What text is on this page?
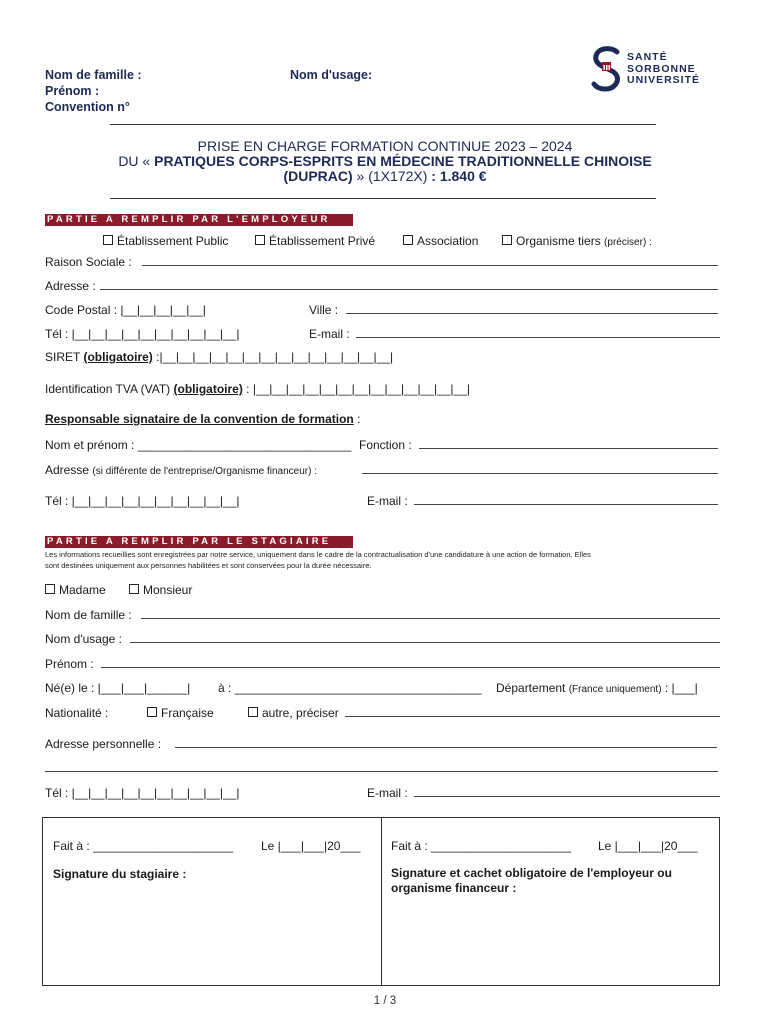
Nom de famille :	Nom d'usage:
Prénom :
Convention n°
SANTÉ
SORBONNE
UNIVERSITÉ
PRISE EN CHARGE FORMATION CONTINUE 2023 – 2024
DU « PRATIQUES CORPS-ESPRITS EN MÉDECINE TRADITIONNELLE CHINOISE
(DUPRAC) » (1X172X) : 1.840 €
PARTIE A REMPLIR PAR L'EMPLOYEUR
Établissement Public	Établissement Privé	Association	Organisme tiers (préciser) :
Raison Sociale :
Adresse :
Code Postal : |__|__|__|__|__|	Ville :
Tél : |__|__|__|__|__|__|__|__|__|__|	E-mail :
SIRET (obligatoire) :|__|__|__|__|__|__|__|__|__|__|__|__|__|__|
Identification TVA (VAT) (obligatoire) : |__|__|__|__|__|__|__|__|__|__|__|__|__|
Responsable signataire de la convention de formation :
Nom et prénom : ________________________________ Fonction :
Adresse (si différente de l'entreprise/Organisme financeur) :
Tél : |__|__|__|__|__|__|__|__|__|__|	E-mail :
PARTIE A REMPLIR PAR LE STAGIAIRE
Les informations recueillies sont enregistrées par notre service, uniquement dans le cadre de la contractualisation d'une candidature à une action de formation. Elles
sont destinées uniquement aux personnes habilitées et sont conservées pour la durée nécessaire.
Madame	Monsieur
Nom de famille :
Nom d'usage :
Prénom :
Né(e) le : |___|___|______| à : _____________________________________ Département (France uniquement) : |___|
Nationalité :	Française	autre, préciser
Adresse personnelle :
Tél : |__|__|__|__|__|__|__|__|__|__|	E-mail :
Fait à : _____________________ Le |___|___|20___
Signature du stagiaire :
Fait à : _____________________ Le |___|___|20___
Signature et cachet obligatoire de l'employeur ou
organisme financeur :
1 / 3
